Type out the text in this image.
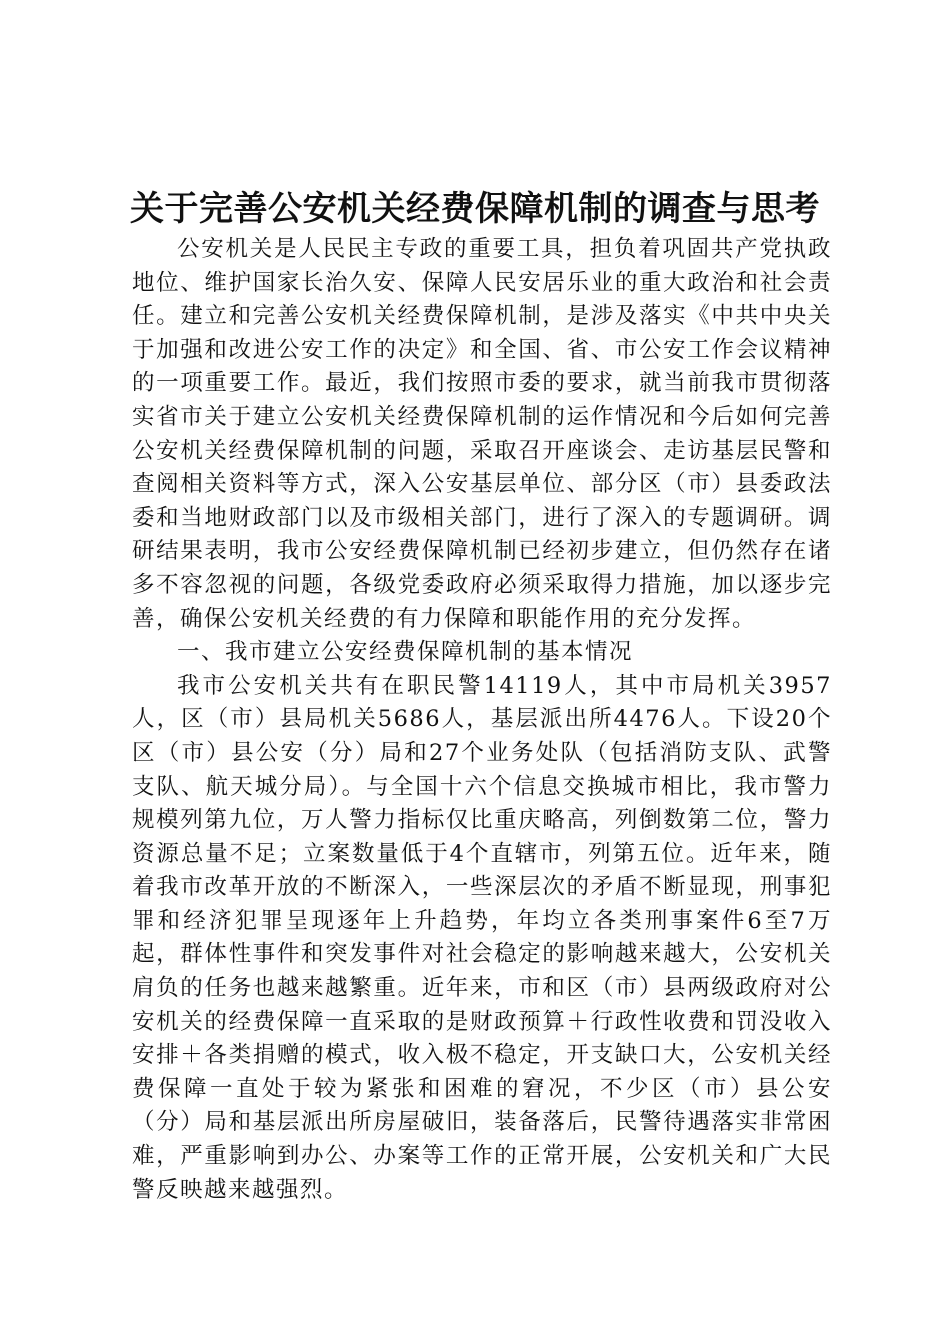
关于完善公安机关经费保障机制的调查与思考

公安机关是人民民主专政的重要工具，担负着巩固共产党执政地位、维护国家长治久安、保障人民安居乐业的重大政治和社会责任。建立和完善公安机关经费保障机制，是涉及落实《中共中央关于加强和改进公安工作的决定》和全国、省、市公安工作会议精神的一项重要工作。最近，我们按照市委的要求，就当前我市贯彻落实省市关于建立公安机关经费保障机制的运作情况和今后如何完善公安机关经费保障机制的问题，采取召开座谈会、走访基层民警和查阅相关资料等方式，深入公安基层单位、部分区（市）县委政法委和当地财政部门以及市级相关部门，进行了深入的专题调研。调研结果表明，我市公安经费保障机制已经初步建立，但仍然存在诸多不容忽视的问题，各级党委政府必须采取得力措施，加以逐步完善，确保公安机关经费的有力保障和职能作用的充分发挥。

一、我市建立公安经费保障机制的基本情况

我市公安机关共有在职民警14119人，其中市局机关3957人，区（市）县局机关5686人，基层派出所4476人。下设20个区（市）县公安（分）局和27个业务处队（包括消防支队、武警支队、航天城分局）。与全国十六个信息交换城市相比，我市警力规模列第九位，万人警力指标仅比重庆略高，列倒数第二位，警力资源总量不足；立案数量低于4个直辖市，列第五位。近年来，随着我市改革开放的不断深入，一些深层次的矛盾不断显现，刑事犯罪和经济犯罪呈现逐年上升趋势，年均立各类刑事案件6至7万起，群体性事件和突发事件对社会稳定的影响越来越大，公安机关肩负的任务也越来越繁重。近年来，市和区（市）县两级政府对公安机关的经费保障一直采取的是财政预算＋行政性收费和罚没收入安排＋各类捐赠的模式，收入极不稳定，开支缺口大，公安机关经费保障一直处于较为紧张和困难的窘况，不少区（市）县公安（分）局和基层派出所房屋破旧，装备落后，民警待遇落实非常困难，严重影响到办公、办案等工作的正常开展，公安机关和广大民警反映越来越强烈。
